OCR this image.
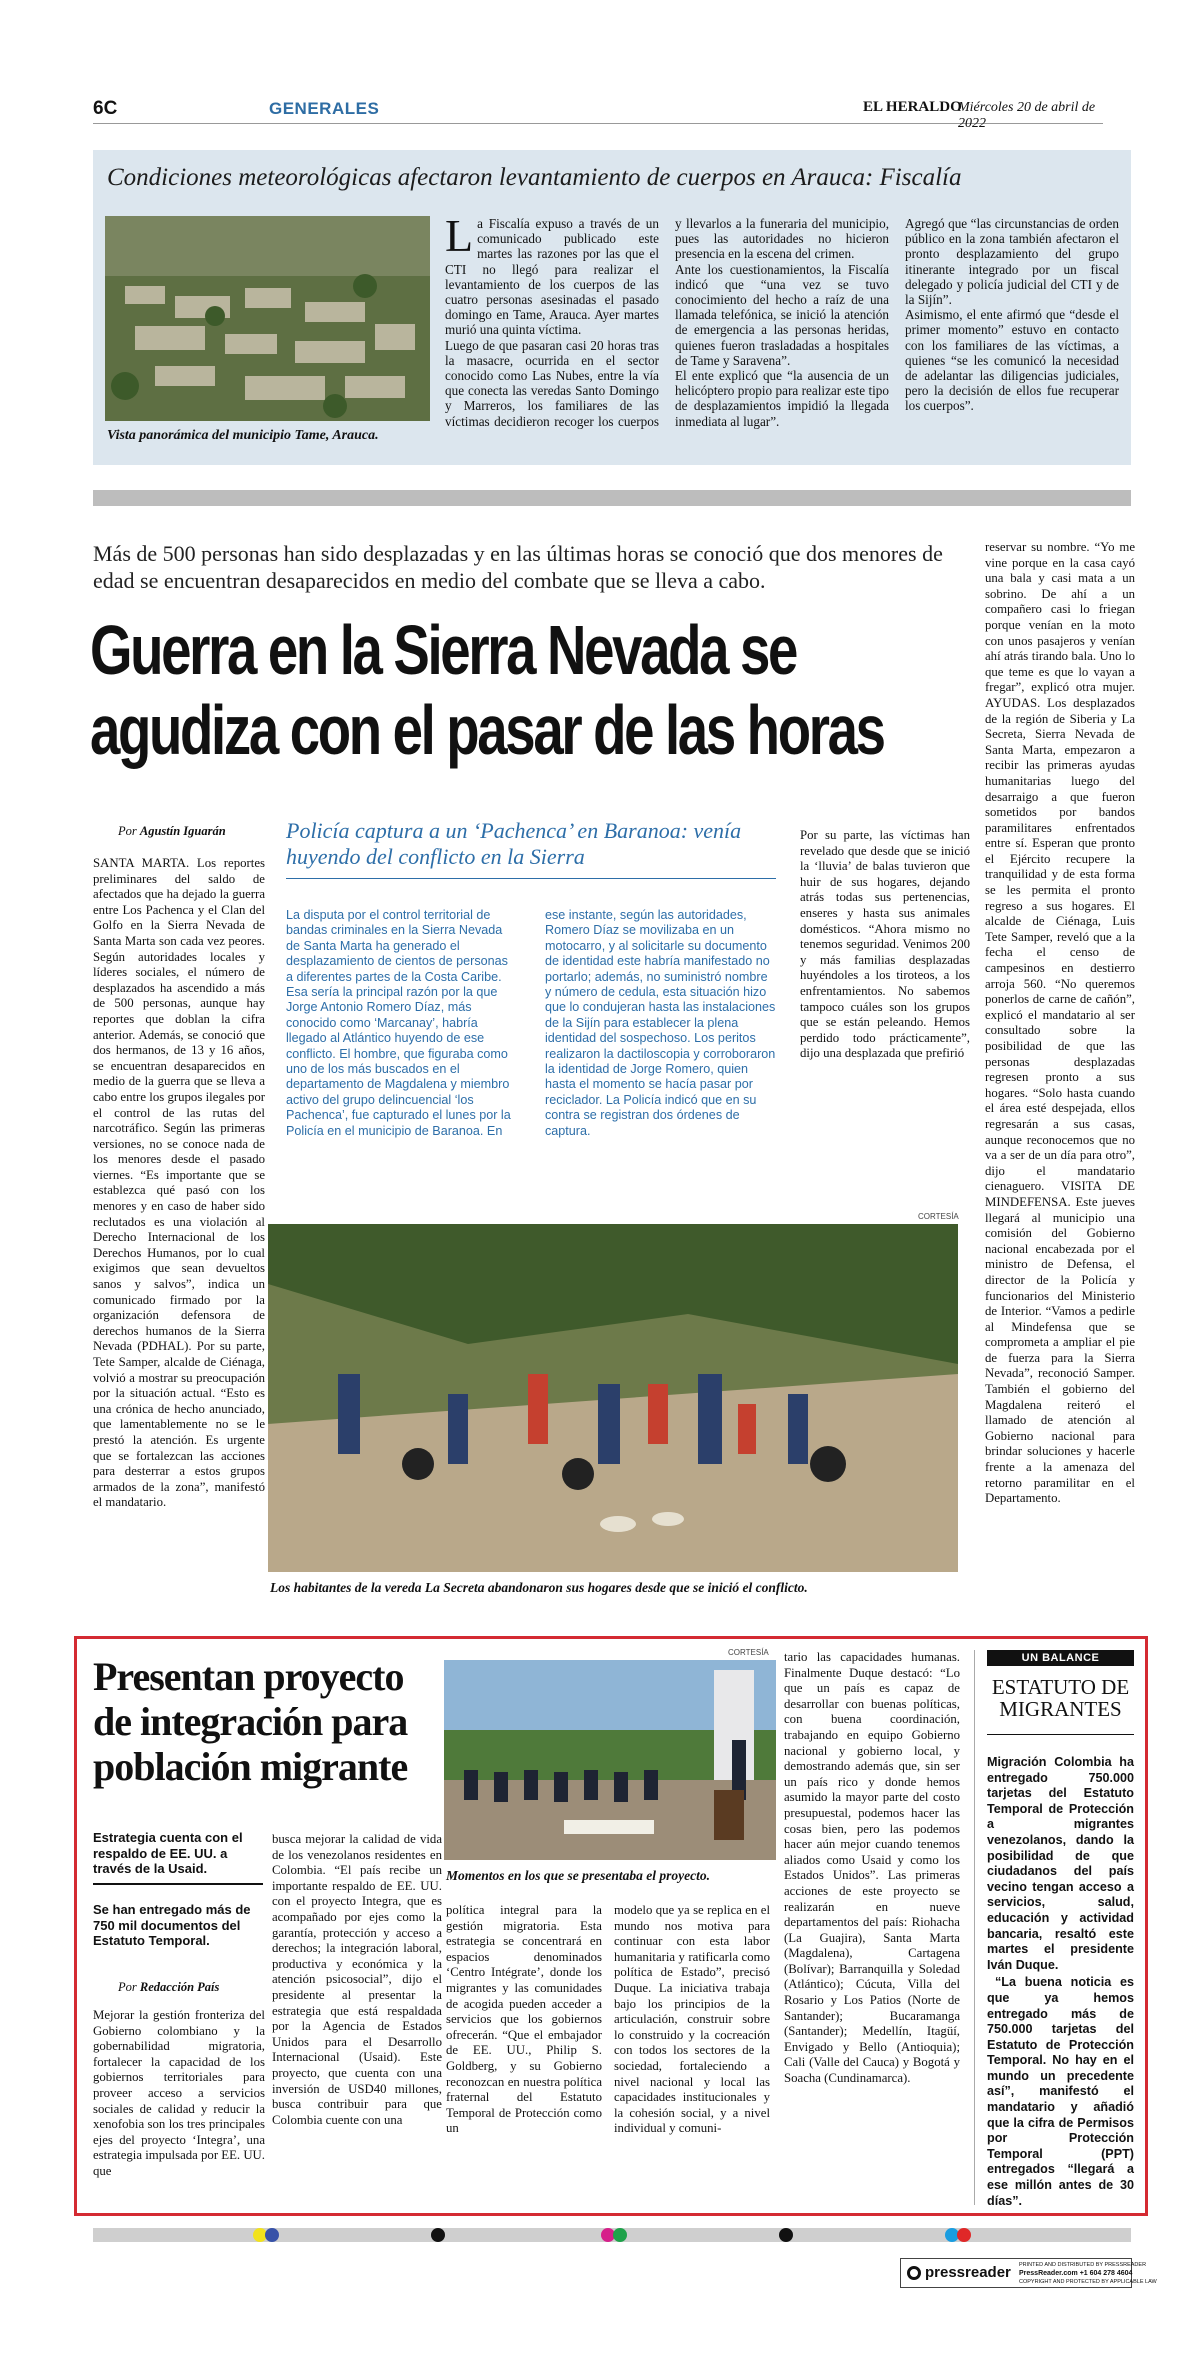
6C	GENERALES	EL HERALDO
Miércoles 20 de abril de 2022
Condiciones meteorológicas afectaron levantamiento de cuerpos en Arauca: Fiscalía
Vista panorámica del municipio Tame, Arauca.

La Fiscalía expuso a través de un comunicado publicado este martes las razones por las que el CTI no llegó para realizar el levantamiento de los cuerpos de las cuatro personas asesinadas el pasado domingo en Tame, Arauca. Ayer martes murió una quinta víctima.

Luego de que pasaran casi 20 horas tras la masacre, ocurrida en el sector conocido como Las Nubes, entre la vía que conecta las veredas Santo Domingo y Marreros, los familiares de las víctimas decidieron recoger los cuerpos y llevarlos a la funeraria del municipio, pues las autoridades no hicieron presencia en la escena del crimen.

Ante los cuestionamientos, la Fiscalía indicó que “una vez se tuvo conocimiento del hecho a raíz de una llamada telefónica, se inició la atención de emergencia a las personas heridas, quienes fueron trasladadas a hospitales de Tame y Saravena”.

El ente explicó que “la ausencia de un helicóptero propio para realizar este tipo de desplazamientos impidió la llegada inmediata al lugar”.

Agregó que “las circunstancias de orden público en la zona también afectaron el pronto desplazamiento del grupo itinerante integrado por un fiscal delegado y policía judicial del CTI y de la Sijín”.

Asimismo, el ente afirmó que “desde el primer momento” estuvo en contacto con los familiares de las víctimas, a quienes “se les comunicó la necesidad de adelantar las diligencias judiciales, pero la decisión de ellos fue recuperar los cuerpos”.

Más de 500 personas han sido desplazadas y en las últimas horas se conoció que dos menores de edad se encuentran desaparecidos en medio del combate que se lleva a cabo.
Guerra en la Sierra Nevada se
agudiza con el pasar de las horas
Por Agustín Iguarán
SANTA MARTA. Los reportes preliminares del saldo de afectados que ha dejado la guerra entre Los Pachenca y el Clan del Golfo en la Sierra Nevada de Santa Marta son cada vez peores. Según autoridades locales y líderes sociales, el número de desplazados ha ascendido a más de 500 personas, aunque hay reportes que doblan la cifra anterior. Además, se conoció que dos hermanos, de 13 y 16 años, se encuentran desaparecidos en medio de la guerra que se lleva a cabo entre los grupos ilegales por el control de las rutas del narcotráfico. Según las primeras versiones, no se conoce nada de los menores desde el pasado viernes. “Es importante que se establezca qué pasó con los menores y en caso de haber sido reclutados es una violación al Derecho Internacional de los Derechos Humanos, por lo cual exigimos que sean devueltos sanos y salvos”, indica un comunicado firmado por la organización defensora de derechos humanos de la Sierra Nevada (PDHAL). Por su parte, Tete Samper, alcalde de Ciénaga, volvió a mostrar su preocupación por la situación actual. “Esto es una crónica de hecho anunciado, que lamentablemente no se le prestó la atención. Es urgente que se fortalezcan las acciones para desterrar a estos grupos armados de la zona”, manifestó el mandatario.
Policía captura a un ‘Pachenca’ en Baranoa: venía huyendo del conflicto en la Sierra
La disputa por el control territorial de bandas criminales en la Sierra Nevada de Santa Marta ha generado el desplazamiento de cientos de personas a diferentes partes de la Costa Caribe. Esa sería la principal razón por la que Jorge Antonio Romero Díaz, más conocido como ‘Marcanay’, habría llegado al Atlántico huyendo de ese conflicto. El hombre, que figuraba como uno de los más buscados en el departamento de Magdalena y miembro activo del grupo delincuencial ‘los Pachenca’, fue capturado el lunes por la Policía en el municipio de Baranoa. En ese instante, según las autoridades, Romero Díaz se movilizaba en un motocarro, y al solicitarle su documento de identidad este habría manifestado no portarlo; además, no suministró nombre y número de cedula, esta situación hizo que lo condujeran hasta las instalaciones de la Sijín para establecer la plena identidad del sospechoso. Los peritos realizaron la dactiloscopia y corroboraron la identidad de Jorge Romero, quien hasta el momento se hacía pasar por reciclador. La Policía indicó que en su contra se registran dos órdenes de captura.
Por su parte, las víctimas han revelado que desde que se inició la ‘lluvia’ de balas tuvieron que huir de sus hogares, dejando atrás todas sus pertenencias, enseres y hasta sus animales domésticos. “Ahora mismo no tenemos seguridad. Venimos 200 y más familias desplazadas huyéndoles a los tiroteos, a los enfrentamientos. No sabemos tampoco cuáles son los grupos que se están peleando. Hemos perdido todo prácticamente”, dijo una desplazada que prefirió
reservar su nombre. “Yo me vine porque en la casa cayó una bala y casi mata a un sobrino. De ahí a un compañero casi lo friegan porque venían en la moto con unos pasajeros y venían ahí atrás tirando bala. Uno lo que teme es que lo vayan a fregar”, explicó otra mujer. AYUDAS. Los desplazados de la región de Siberia y La Secreta, Sierra Nevada de Santa Marta, empezaron a recibir las primeras ayudas humanitarias luego del desarraigo a que fueron sometidos por bandos paramilitares enfrentados entre sí. Esperan que pronto el Ejército recupere la tranquilidad y de esta forma se les permita el pronto regreso a sus hogares. El alcalde de Ciénaga, Luis Tete Samper, reveló que a la fecha el censo de campesinos en destierro arroja 560. “No queremos ponerlos de carne de cañón”, explicó el mandatario al ser consultado sobre la posibilidad de que las personas desplazadas regresen pronto a sus hogares. “Solo hasta cuando el área esté despejada, ellos regresarán a sus casas, aunque reconocemos que no va a ser de un día para otro”, dijo el mandatario cienaguero. VISITA DE MINDEFENSA. Este jueves llegará al municipio una comisión del Gobierno nacional encabezada por el ministro de Defensa, el director de la Policía y funcionarios del Ministerio de Interior. “Vamos a pedirle al Mindefensa que se comprometa a ampliar el pie de fuerza para la Sierra Nevada”, reconoció Samper. También el gobierno del Magdalena reiteró el llamado de atención al Gobierno nacional para brindar soluciones y hacerle frente a la amenaza del retorno paramilitar en el Departamento.
CORTESÍA
Los habitantes de la vereda La Secreta abandonaron sus hogares desde que se inició el conflicto.
Presentan proyecto de integración para población migrante
Estrategia cuenta con el respaldo de EE. UU. a través de la Usaid.
Se han entregado más de 750 mil documentos del Estatuto Temporal.
Por Redacción País
Mejorar la gestión fronteriza del Gobierno colombiano y la gobernabilidad migratoria, fortalecer la capacidad de los gobiernos territoriales para proveer acceso a servicios sociales de calidad y reducir la xenofobia son los tres principales ejes del proyecto ‘Integra’, una estrategia impulsada por EE. UU. que
busca mejorar la calidad de vida de los venezolanos residentes en Colombia. “El país recibe un importante respaldo de EE. UU. con el proyecto Integra, que es acompañado por ejes como la garantía, protección y acceso a derechos; la integración laboral, productiva y económica y la atención psicosocial”, dijo el presidente al presentar la estrategia que está respaldada por la Agencia de Estados Unidos para el Desarrollo Internacional (Usaid). Este proyecto, que cuenta con una inversión de USD40 millones, busca contribuir para que Colombia cuente con una
CORTESÍA
Momentos en los que se presentaba el proyecto.
política integral para la gestión migratoria. Esta estrategia se concentrará en espacios denominados ‘Centro Intégrate’, donde los migrantes y las comunidades de acogida pueden acceder a servicios que los gobiernos ofrecerán. “Que el embajador de EE. UU., Philip S. Goldberg, y su Gobierno reconozcan en nuestra política fraternal del Estatuto Temporal de Protección como un
modelo que ya se replica en el mundo nos motiva para continuar con esta labor humanitaria y ratificarla como política de Estado”, precisó Duque. La iniciativa trabaja bajo los principios de la articulación, construir sobre lo construido y la cocreación con todos los sectores de la sociedad, fortaleciendo a nivel nacional y local las capacidades institucionales y la cohesión social, y a nivel individual y comuni-
tario las capacidades humanas. Finalmente Duque destacó: “Lo que un país es capaz de desarrollar con buenas políticas, con buena coordinación, trabajando en equipo Gobierno nacional y gobierno local, y demostrando además que, sin ser un país rico y donde hemos asumido la mayor parte del costo presupuestal, podemos hacer las cosas bien, pero las podemos hacer aún mejor cuando tenemos aliados como Usaid y como los Estados Unidos”. Las primeras acciones de este proyecto se realizarán en nueve departamentos del país: Riohacha (La Guajira), Santa Marta (Magdalena), Cartagena (Bolívar); Barranquilla y Soledad (Atlántico); Cúcuta, Villa del Rosario y Los Patios (Norte de Santander); Bucaramanga (Santander); Medellín, Itagüí, Envigado y Bello (Antioquia); Cali (Valle del Cauca) y Bogotá y Soacha (Cundinamarca).
UN BALANCE
ESTATUTO DE MIGRANTES
Migración Colombia ha entregado 750.000 tarjetas del Estatuto Temporal de Protección a migrantes venezolanos, dando la posibilidad de que ciudadanos del país vecino tengan acceso a servicios, salud, educación y actividad bancaria, resaltó este martes el presidente Iván Duque.
“La buena noticia es que ya hemos entregado más de 750.000 tarjetas del Estatuto de Protección Temporal. No hay en el mundo un precedente así”, manifestó el mandatario y añadió que la cifra de Permisos por Protección Temporal (PPT) entregados “llegará a ese millón antes de 30 días”.
pressreader PRINTED AND DISTRIBUTED BY PRESSREADER
PressReader.com +1 604 278 4604
COPYRIGHT AND PROTECTED BY APPLICABLE LAW
